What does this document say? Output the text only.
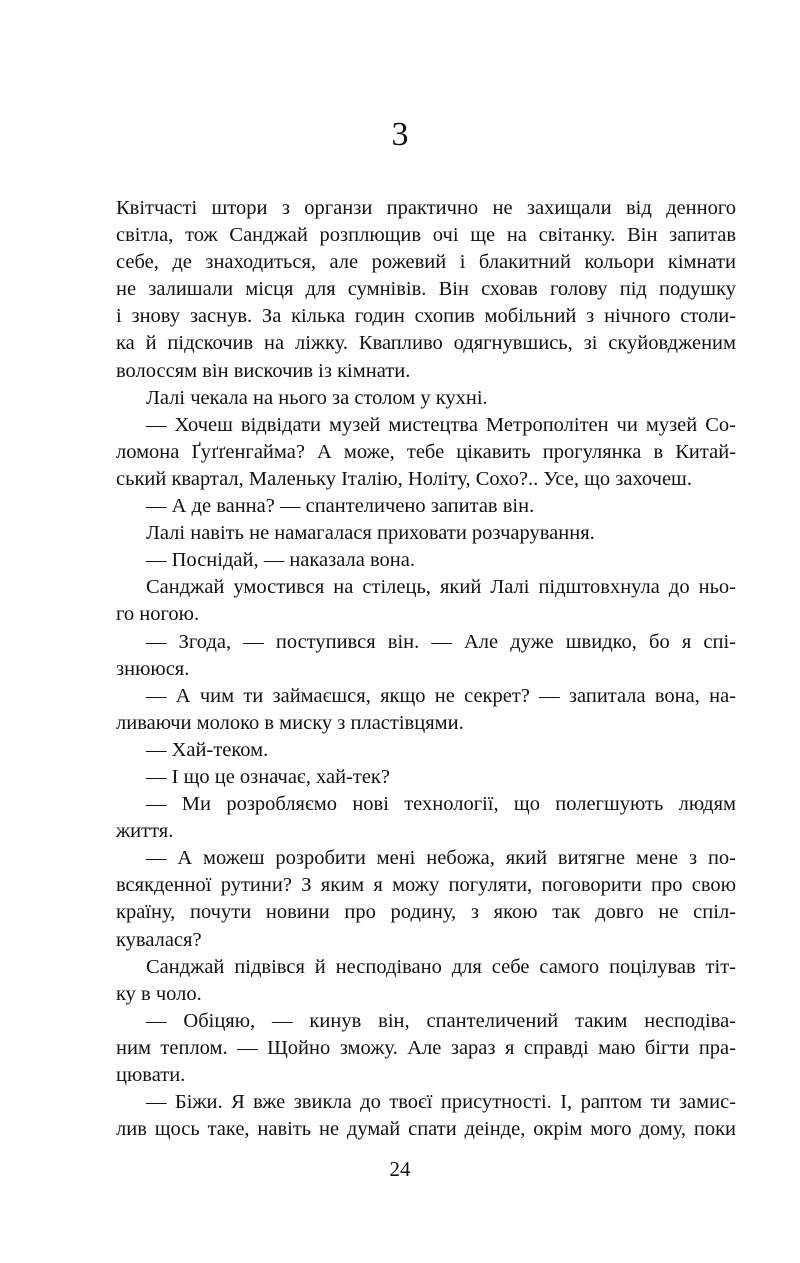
3
Квітчасті штори з органзи практично не захищали від денного
світла, тож Санджай розплющив очі ще на світанку. Він запитав
себе, де знаходиться, але рожевий і блакитний кольори кімнати
не залишали місця для сумнівів. Він сховав голову під подушку
і знову заснув. За кілька годин схопив мобільний з нічного столи-
ка й підскочив на ліжку. Квапливо одягнувшись, зі скуйовдженим
волоссям він вискочив із кімнати.
Лалі чекала на нього за столом у кухні.
— Хочеш відвідати музей мистецтва Метрополітен чи музей Со-
ломона Ґуґґенгайма? А може, тебе цікавить прогулянка в Китай-
ський квартал, Маленьку Італію, Ноліту, Сохо?.. Усе, що захочеш.
— А де ванна? — спантеличено запитав він.
Лалі навіть не намагалася приховати розчарування.
— Поснідай, — наказала вона.
Санджай умостився на стілець, який Лалі підштовхнула до ньо-
го ногою.
— Згода, — поступився він. — Але дуже швидко, бо я спі-
знююся.
— А чим ти займаєшся, якщо не секрет? — запитала вона, на-
ливаючи молоко в миску з пластівцями.
— Хай-теком.
— І що це означає, хай-тек?
— Ми розробляємо нові технології, що полегшують людям
життя.
— А можеш розробити мені небожа, який витягне мене з по-
всякденної рутини? З яким я можу погуляти, поговорити про свою
країну, почути новини про родину, з якою так довго не спіл-
кувалася?
Санджай підвівся й несподівано для себе самого поцілував тіт-
ку в чоло.
— Обіцяю, — кинув він, спантеличений таким несподіва-
ним теплом. — Щойно зможу. Але зараз я справді маю бігти пра-
цювати.
— Біжи. Я вже звикла до твоєї присутності. І, раптом ти замис-
лив щось таке, навіть не думай спати деінде, окрім мого дому, поки
24
